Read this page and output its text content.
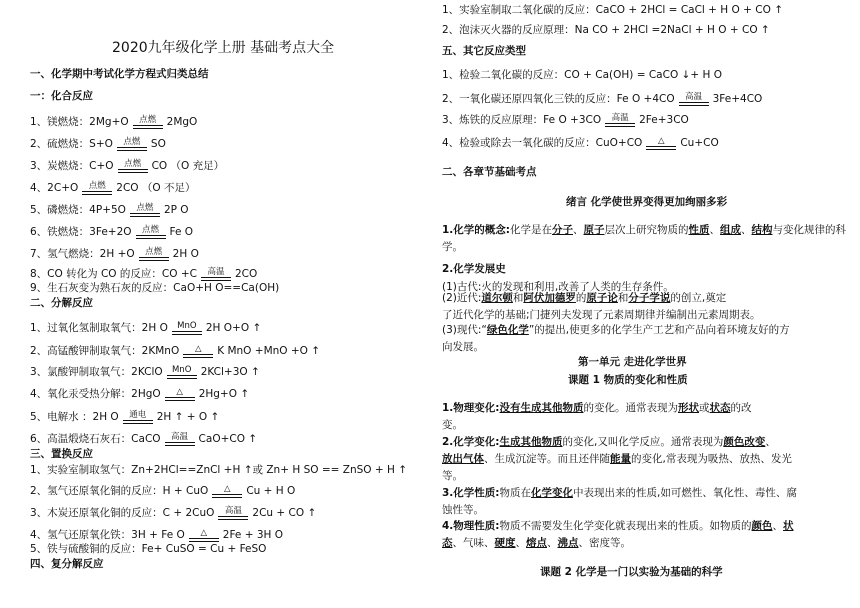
2020九年级化学上册 基础考点大全
一、化学期中考试化学方程式归类总结
一：化合反应
1、镁燃烧：2Mg+O	点燃	2MgO
2、硫燃烧：S+O	点燃	SO
3、炭燃烧：C+O	点燃	CO （O 充足）
4、2C+O	点燃	2CO （O 不足）
5、磷燃烧：4P+5O	点燃	2P O
6、铁燃烧：3Fe+2O	点燃	Fe O
7、氢气燃烧：2H +O	点燃	2H O
8、CO 转化为 CO 的反应：CO +C	高温	2CO
9、生石灰变为熟石灰的反应：CaO+H O==Ca(OH)
二、分解反应
1、过氧化氢制取氧气：2H O	MnO 2H O+O ↑
2、高锰酸钾制取氧气：2KMnO	△	K MnO +MnO +O ↑
3、氯酸钾制取氧气：2KClO	MnO 2KCl+3O ↑
4、氧化汞受热分解：2HgO	△	2Hg+O ↑
5、电解水 ：2H O	通电	2H ↑ + O ↑
6、高温煅烧石灰石：CaCO	高温	CaO+CO ↑
三、置换反应
1、实验室制取氢气：Zn+2HCl==ZnCl +H ↑或 Zn+ H SO == ZnSO + H ↑
2、氢气还原氧化铜的反应：H + CuO	△	Cu + H O
3、木炭还原氧化铜的反应：C + 2CuO	高温	2Cu + CO ↑
4、氢气还原氧化铁：3H + Fe O	△	2Fe + 3H O
5、铁与硫酸铜的反应：Fe+ CuSO = Cu + FeSO
四、复分解反应
1、实验室制取二氧化碳的反应：CaCO + 2HCl = CaCl + H O + CO ↑
2、泡沫灭火器的反应原理：Na CO + 2HCl =2NaCl + H O + CO ↑
五、其它反应类型
1、检验二氧化碳的反应：CO + Ca(OH) = CaCO ↓+ H O
2、一氧化碳还原四氧化三铁的反应：Fe O +4CO	高温	3Fe+4CO
3、炼铁的反应原理：Fe O +3CO	高温	2Fe+3CO
4、检验或除去一氧化碳的反应：CuO+CO	△	Cu+CO
二、各章节基础考点
绪言 化学使世界变得更加绚丽多彩
1.化学的概念:化学是在分子、原子层次上研究物质的性质、组成、结构与变化规律的科学。
2.化学发展史
(1)古代:火的发现和利用,改善了人类的生存条件。
(2)近代:道尔顿和阿伏加德罗的原子论和分子学说的创立,奠定
了近代化学的基础;门捷列夫发现了元素周期律并编制出元素周期表。
(3)现代:“绿色化学”的提出,使更多的化学生产工艺和产品向着环境友好的方
向发展。
第一单元 走进化学世界
课题 1 物质的变化和性质
1.物理变化:没有生成其他物质的变化。通常表现为形状或状态的改
变。
2.化学变化:生成其他物质的变化,又叫化学反应。通常表现为颜色改变、
放出气体、生成沉淀等。而且还伴随能量的变化,常表现为吸热、放热、发光
等。
3.化学性质:物质在化学变化中表现出来的性质,如可燃性、氧化性、毒性、腐
蚀性等。
4.物理性质:物质不需要发生化学变化就表现出来的性质。如物质的颜色、状
态、气味、硬度、熔点、沸点、密度等。
课题 2 化学是一门以实验为基础的科学
